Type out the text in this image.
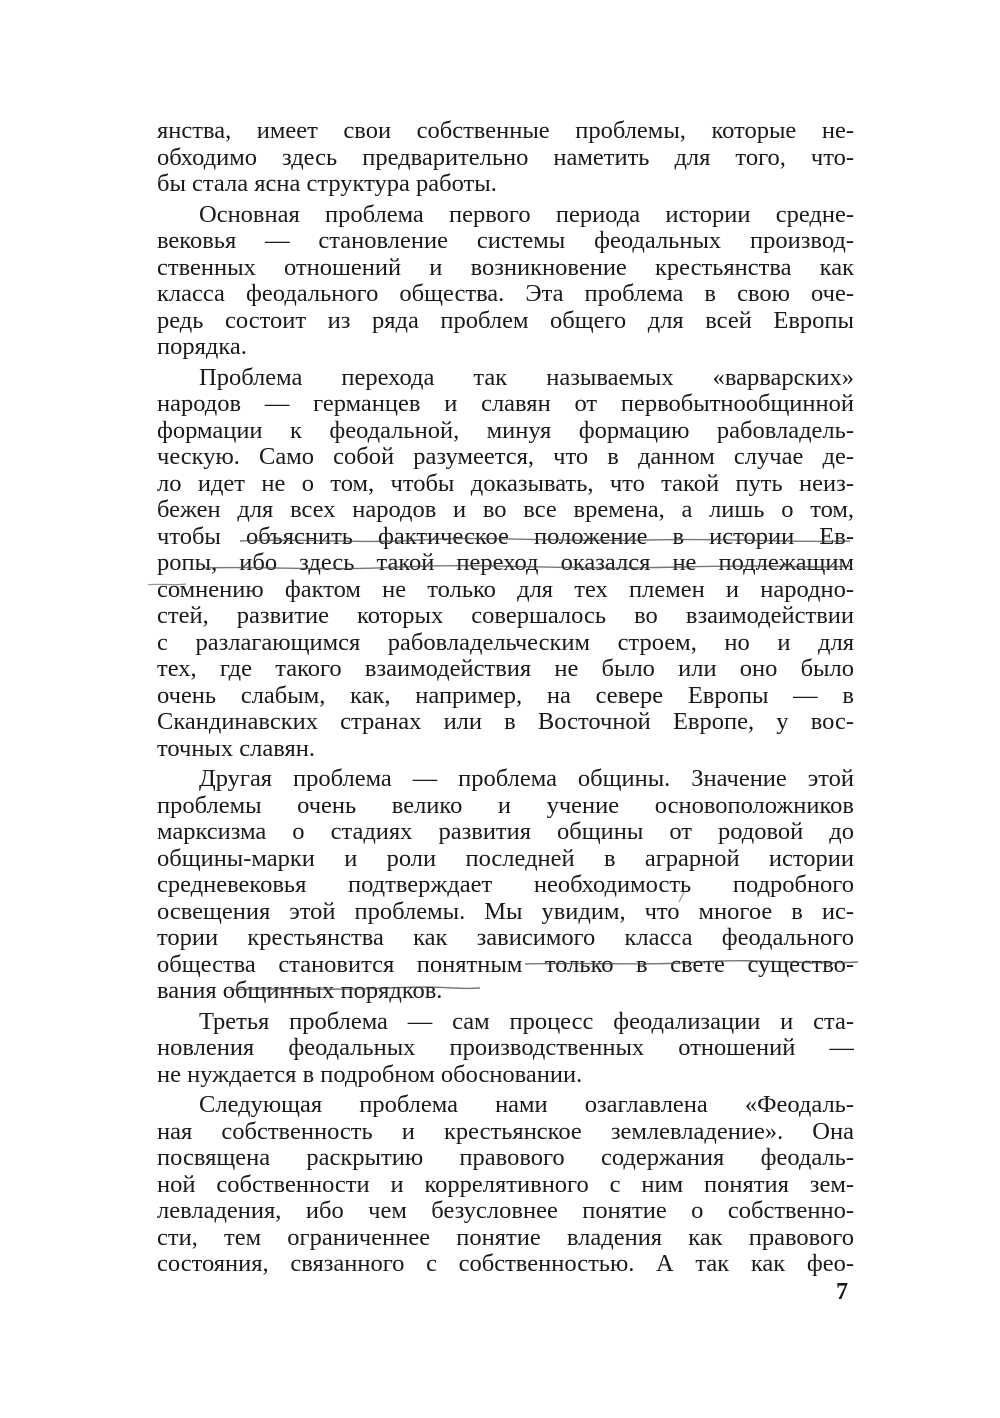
янства, имеет свои собственные проблемы, которые не-
обходимо здесь предварительно наметить для того, что-
бы стала ясна структура работы.
Основная проблема первого периода истории средне-
вековья — становление системы феодальных производ-
ственных отношений и возникновение крестьянства как
класса феодального общества. Эта проблема в свою оче-
редь состоит из ряда проблем общего для всей Европы
порядка.
Проблема перехода так называемых «варварских»
народов — германцев и славян от первобытнообщинной
формации к феодальной, минуя формацию рабовладель-
ческую. Само собой разумеется, что в данном случае де-
ло идет не о том, чтобы доказывать, что такой путь неиз-
бежен для всех народов и во все времена, а лишь о том,
чтобы объяснить фактическое положение в истории Ев-
ропы, ибо здесь такой переход оказался не подлежащим
сомнению фактом не только для тех племен и народно-
стей, развитие которых совершалось во взаимодействии
с разлагающимся рабовладельческим строем, но и для
тех, где такого взаимодействия не было или оно было
очень слабым, как, например, на севере Европы — в
Скандинавских странах или в Восточной Европе, у вос-
точных славян.
Другая проблема — проблема общины. Значение этой
проблемы очень велико и учение основоположников
марксизма о стадиях развития общины от родовой до
общины-марки и роли последней в аграрной истории
средневековья подтверждает необходимость подробного
освещения этой проблемы. Мы увидим, что многое в ис-
тории крестьянства как зависимого класса феодального
общества становится понятным только в свете существо-
вания общинных порядков.
Третья проблема — сам процесс феодализации и ста-
новления феодальных производственных отношений —
не нуждается в подробном обосновании.
Следующая проблема нами озаглавлена «Феодаль-
ная собственность и крестьянское землевладение». Она
посвящена раскрытию правового содержания феодаль-
ной собственности и коррелятивного с ним понятия зем-
левладения, ибо чем безусловнее понятие о собственно-
сти, тем ограниченнее понятие владения как правового
состояния, связанного с собственностью. А так как фео-
7
